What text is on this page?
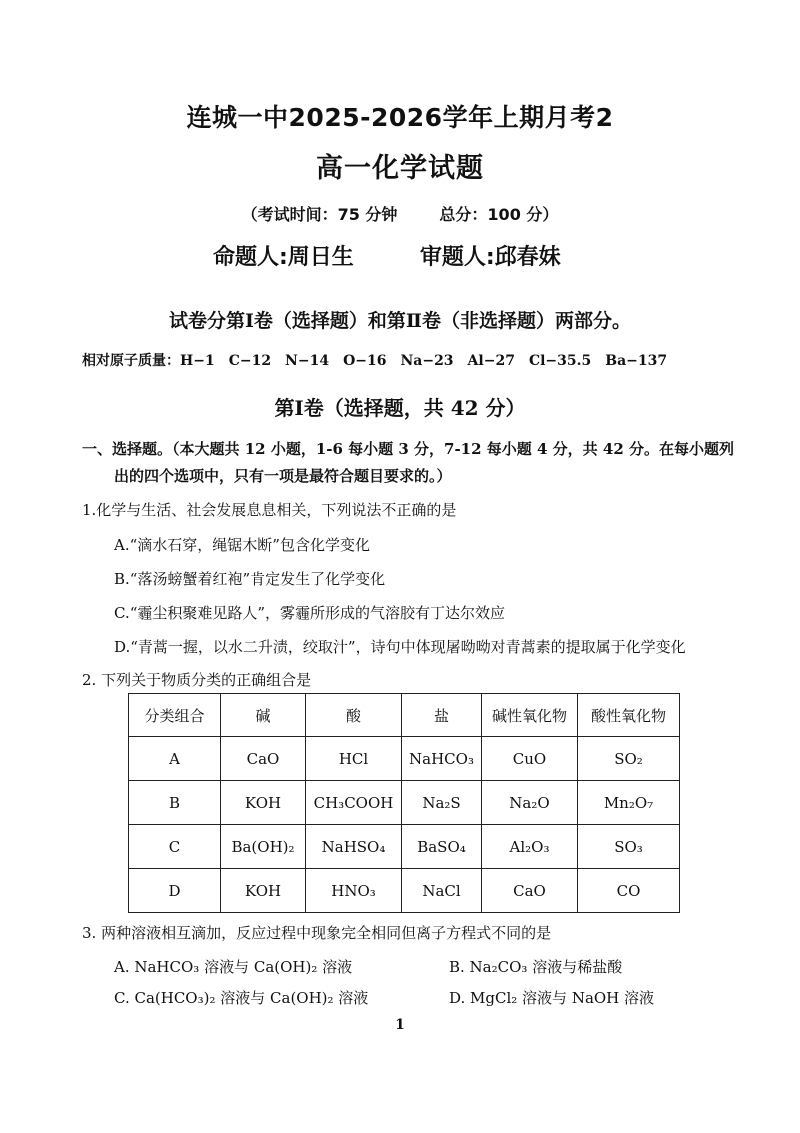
连城一中2025-2026学年上期月考2
高一化学试题
（考试时间：75 分钟	总分：100 分）
命题人:周日生	审题人:邱春妹
试卷分第Ⅰ卷（选择题）和第Ⅱ卷（非选择题）两部分。
相对原子质量：H−1　C−12　N−14　O−16　Na−23　Al−27　Cl−35.5　Ba−137
第Ⅰ卷（选择题，共 42 分）
一、选择题。（本大题共 12 小题，1-6 每小题 3 分，7-12 每小题 4 分，共 42 分。在每小题列
出的四个选项中，只有一项是最符合题目要求的。）
1.化学与生活、社会发展息息相关，下列说法不正确的是
A.“滴水石穿，绳锯木断”包含化学变化
B.“落汤螃蟹着红袍”肯定发生了化学变化
C.“霾尘积聚难见路人”，雾霾所形成的气溶胶有丁达尔效应
D.“青蒿一握，以水二升渍，绞取汁”，诗句中体现屠呦呦对青蒿素的提取属于化学变化
2. 下列关于物质分类的正确组合是
分类组合	碱	酸	盐	碱性氧化物	酸性氧化物
A	CaO	HCl	NaHCO₃	CuO	SO₂
B	KOH	CH₃COOH	Na₂S	Na₂O	Mn₂O₇
C	Ba(OH)₂	NaHSO₄	BaSO₄	Al₂O₃	SO₃
D	KOH	HNO₃	NaCl	CaO	CO
3. 两种溶液相互滴加，反应过程中现象完全相同但离子方程式不同的是
A. NaHCO₃ 溶液与 Ca(OH)₂ 溶液	B. Na₂CO₃ 溶液与稀盐酸
C. Ca(HCO₃)₂ 溶液与 Ca(OH)₂ 溶液	D. MgCl₂ 溶液与 NaOH 溶液
1
